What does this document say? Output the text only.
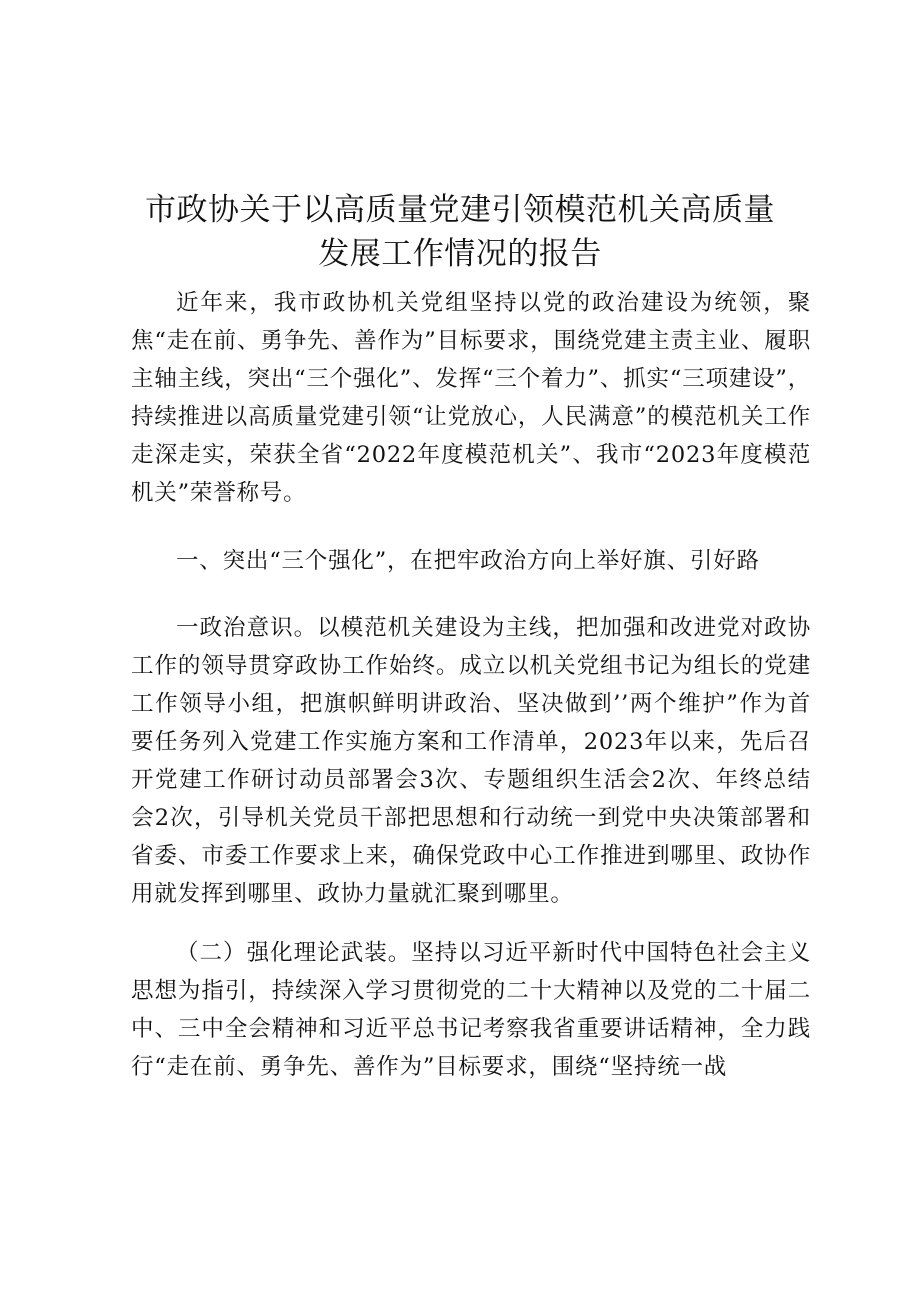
市政协关于以高质量党建引领模范机关高质量
发展工作情况的报告

近年来，我市政协机关党组坚持以党的政治建设为统领，聚焦“走在前、勇争先、善作为”目标要求，围绕党建主责主业、履职主轴主线，突出“三个强化”、发挥“三个着力”、抓实“三项建设”，持续推进以高质量党建引领“让党放心，人民满意”的模范机关工作走深走实，荣获全省“2022年度模范机关”、我市“2023年度模范机关”荣誉称号。

一、突出“三个强化”，在把牢政治方向上举好旗、引好路

一政治意识。以模范机关建设为主线，把加强和改进党对政协工作的领导贯穿政协工作始终。成立以机关党组书记为组长的党建工作领导小组，把旗帜鲜明讲政治、坚决做到’’两个维护”作为首要任务列入党建工作实施方案和工作清单，2023年以来，先后召开党建工作研讨动员部署会3次、专题组织生活会2次、年终总结会2次，引导机关党员干部把思想和行动统一到党中央决策部署和省委、市委工作要求上来，确保党政中心工作推进到哪里、政协作用就发挥到哪里、政协力量就汇聚到哪里。

（二）强化理论武装。坚持以习近平新时代中国特色社会主义思想为指引，持续深入学习贯彻党的二十大精神以及党的二十届二中、三中全会精神和习近平总书记考察我省重要讲话精神，全力践行“走在前、勇争先、善作为”目标要求，围绕“坚持统一战
